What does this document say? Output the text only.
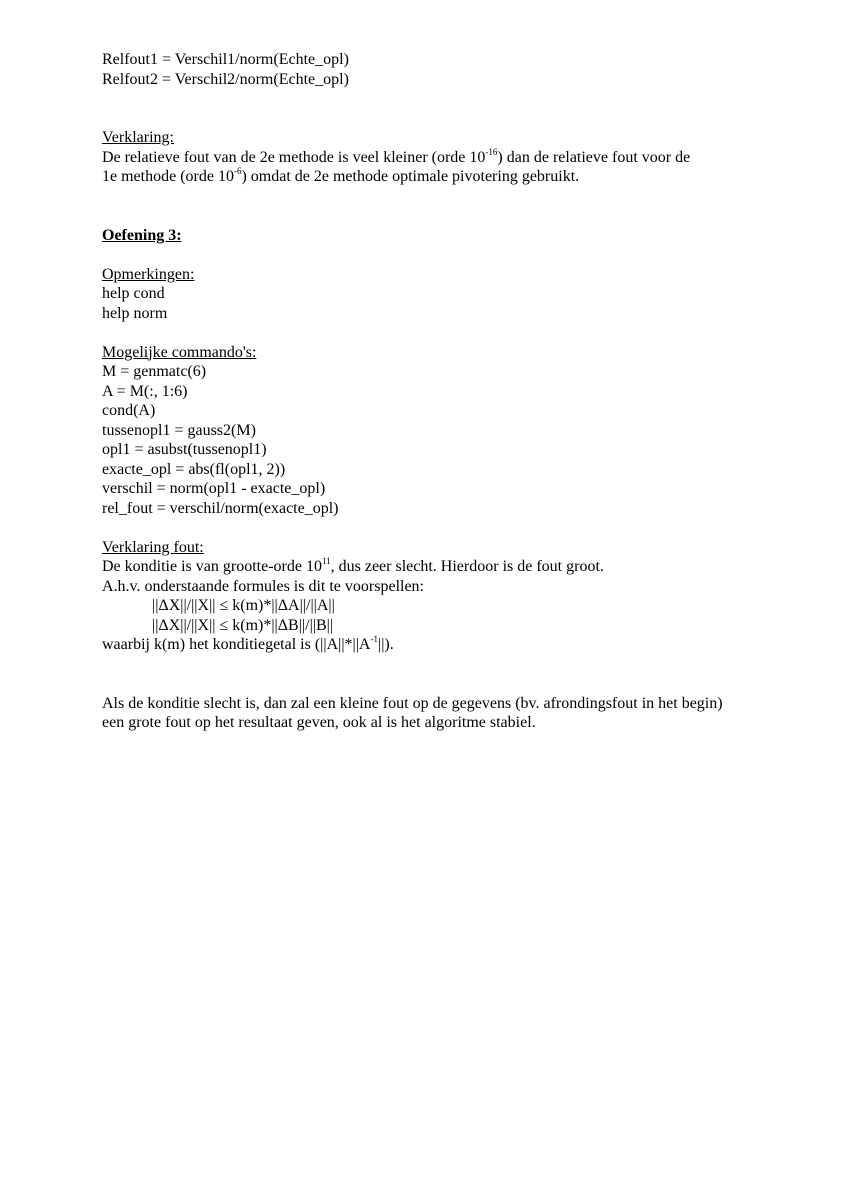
Relfout1 = Verschil1/norm(Echte_opl)
Relfout2 = Verschil2/norm(Echte_opl)
Verklaring:
De relatieve fout van de 2e methode is veel kleiner (orde $10^{-16}$) dan de relatieve fout voor de
1e methode (orde $10^{-6}$) omdat de 2e methode optimale pivotering gebruikt.
Oefening 3:
Opmerkingen:
help cond
help norm
Mogelijke commando's:
M = genmatc(6)
A = M(:, 1:6)
cond(A)
tussenopl1 = gauss2(M)
opl1 = asubst(tussenopl1)
exacte_opl = abs(fl(opl1, 2))
verschil = norm(opl1 - exacte_opl)
rel_fout = verschil/norm(exacte_opl)
Verklaring fout:
De konditie is van grootte-orde $10^{11}$, dus zeer slecht. Hierdoor is de fout groot.
A.h.v. onderstaande formules is dit te voorspellen:
||ΔX||/||X|| ≤ k(m)*||ΔA||/||A||
||ΔX||/||X|| ≤ k(m)*||ΔB||/||B||
waarbij k(m) het konditiegetal is $(||A||*||A^{-1}||)$.
Als de konditie slecht is, dan zal een kleine fout op de gegevens (bv. afrondingsfout in het begin) een grote fout op het resultaat geven, ook al is het algoritme stabiel.
